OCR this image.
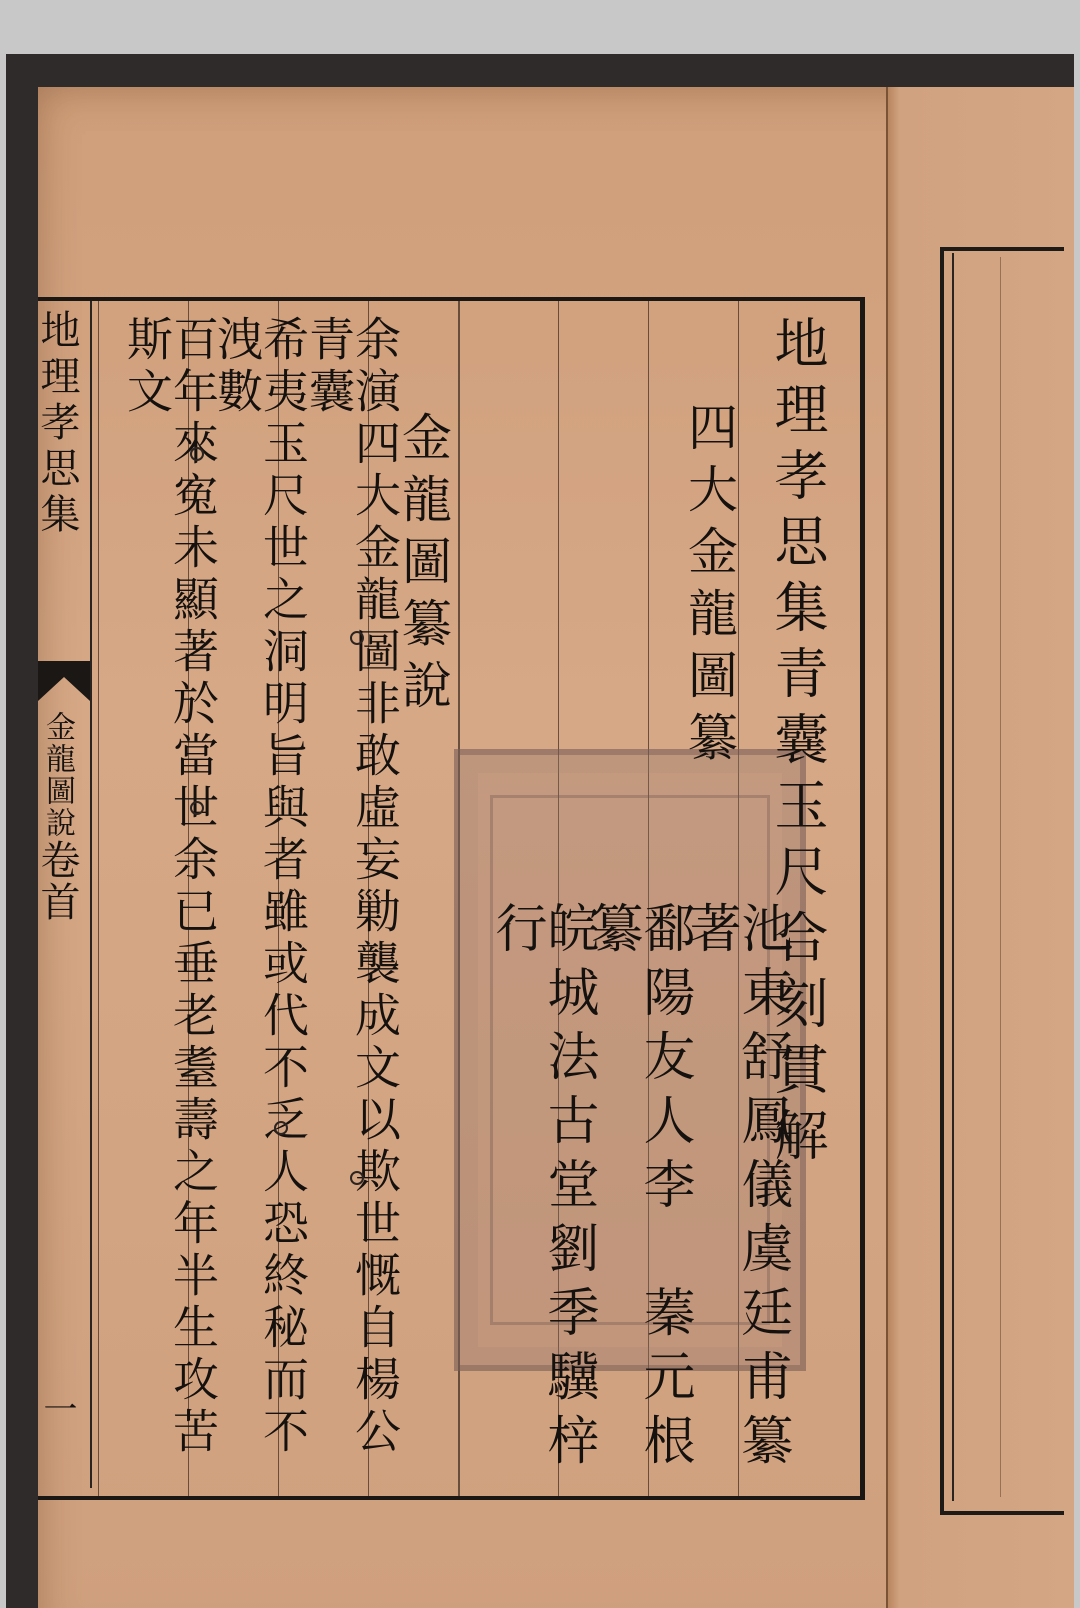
地理孝思集青囊玉尺合刻貫解
四大金龍圖纂
池東舒鳳儀虞廷甫纂著
鄱陽友人李　蓁元根纂
皖城法古堂劉季驥梓行
金龍圖纂說
余演四大金龍圖非敢虛妄勦襲成文以欺世慨自楊公青囊
希夷玉尺世之洞明旨與者雖或代不乏人恐終秘而不洩數
百年來寃未顯著於當世余已垂老耋壽之年半生攻苦斯文
地理孝思集
金龍圖說卷首
一
